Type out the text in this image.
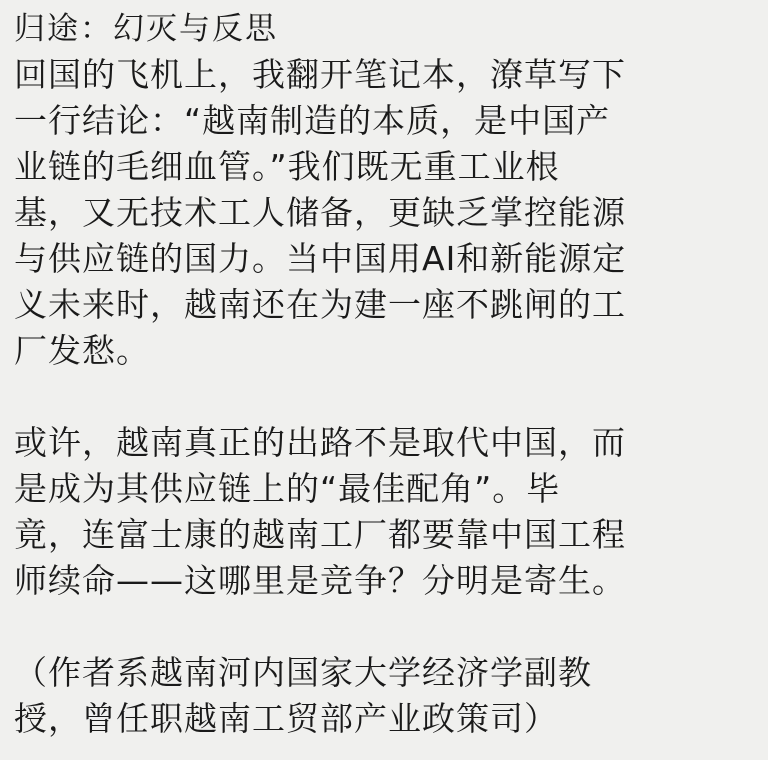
归途：幻灭与反思
回国的飞机上，我翻开笔记本，潦草写下
一行结论：“越南制造的本质，是中国产
业链的毛细血管。”我们既无重工业根
基，又无技术工人储备，更缺乏掌控能源
与供应链的国力。当中国用AI和新能源定
义未来时，越南还在为建一座不跳闸的工
厂发愁。
或许，越南真正的出路不是取代中国，而
是成为其供应链上的“最佳配角”。毕
竟，连富士康的越南工厂都要靠中国工程
师续命——这哪里是竞争？分明是寄生。
（作者系越南河内国家大学经济学副教
授，曾任职越南工贸部产业政策司）
